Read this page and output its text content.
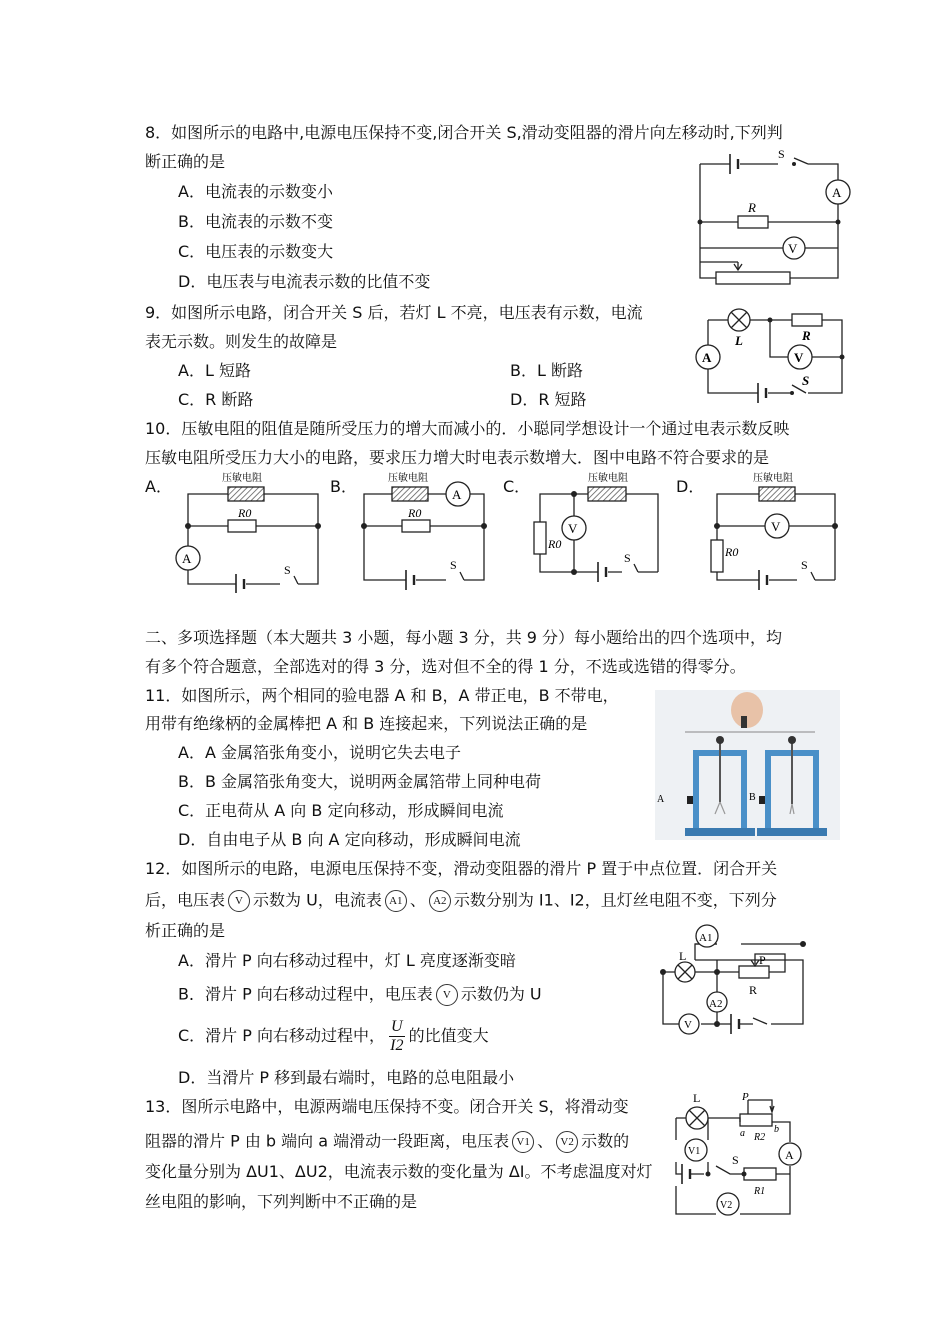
8．如图所示的电路中,电源电压保持不变,闭合开关 S,滑动变阻器的滑片向左移动时,下列判
断正确的是
A．电流表的示数变小
B．电流表的示数不变
C．电压表的示数变大
D．电压表与电流表示数的比值不变
A
V
R
S
9．如图所示电路，闭合开关 S 后，若灯 L 不亮，电压表有示数，电流
表无示数。则发生的故障是
A．L 短路	B．L 断路
C．R 断路	D．R 短路
A	V
L	R
S
10．压敏电阻的阻值是随所受压力的增大而减小的．小聪同学想设计一个通过电表示数反映
压敏电阻所受压力大小的电路，要求压力增大时电表示数增大．图中电路不符合要求的是
A．	B．	C．	D．
压敏电阻
R0
A
S
压敏电阻
R0
A
S
压敏电阻
R0
V
S
压敏电阻
R0
V
S
二、多项选择题（本大题共 3 小题，每小题 3 分，共 9 分）每小题给出的四个选项中，均
有多个符合题意，全部选对的得 3 分，选对但不全的得 1 分，不选或选错的得零分。
11．如图所示，两个相同的验电器 A 和 B，A 带正电，B 不带电，
用带有绝缘柄的金属棒把 A 和 B 连接起来，下列说法正确的是
A．A 金属箔张角变小，说明它失去电子
B．B 金属箔张角变大，说明两金属箔带上同种电荷
C．正电荷从 A 向 B 定向移动，形成瞬间电流
D．自由电子从 B 向 A 定向移动，形成瞬间电流
A	B
12．如图所示的电路，电源电压保持不变，滑动变阻器的滑片 P 置于中点位置．闭合开关
后，电压表 V 示数为 U，电流表 A1 、 A2 示数分别为 I1、I2，且灯丝电阻不变，下列分
析正确的是
A．滑片 P 向右移动过程中，灯 L 亮度逐渐变暗
B．滑片 P 向右移动过程中，电压表 V 示数仍为 U
C．滑片 P 向右移动过程中， $\frac{U}{I2}$ 的比值变大
D．当滑片 P 移到最右端时，电路的总电阻最小
A1
A2
L	P
R
V
13．图所示电路中，电源两端电压保持不变。闭合开关 S，将滑动变
阻器的滑片 P 由 b 端向 a 端滑动一段距离，电压表 V1 、 V2 示数的
变化量分别为 ΔU1、ΔU2，电流表示数的变化量为 ΔI。不考虑温度对灯
丝电阻的影响，下列判断中不正确的是
L	P
a	b
R2
R1
V1
V2
A
S
